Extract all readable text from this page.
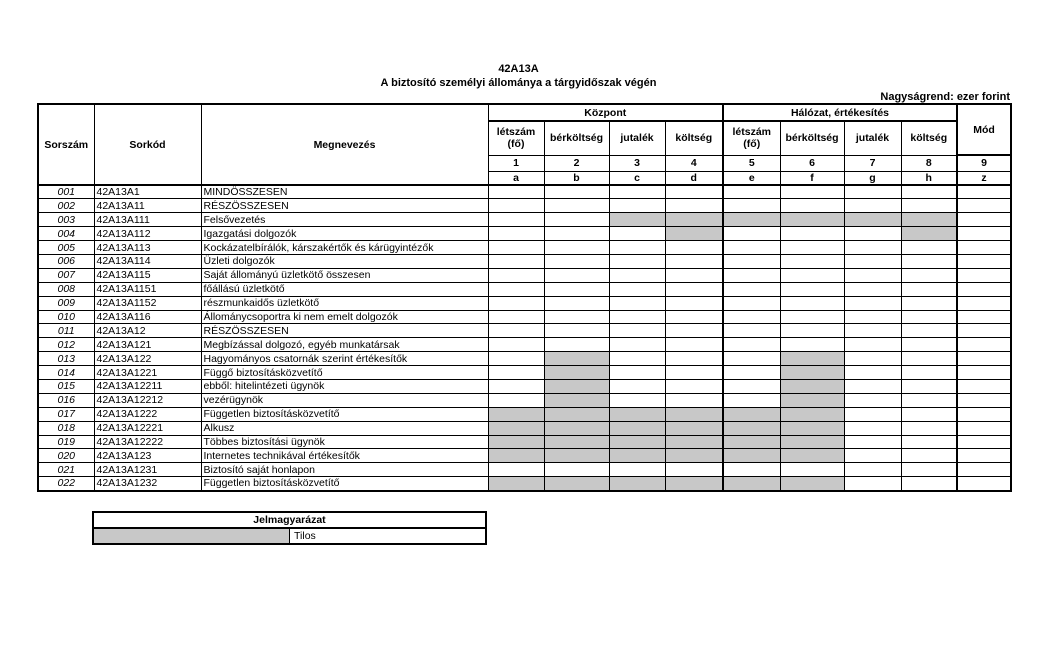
42A13A
A biztosító személyi állománya a tárgyidőszak végén
Nagyságrend: ezer forint
Sorszám	Sorkód	Megnevezés	Központ				Hálózat, értékesítés				Mód
			létszám (fő)	bérköltség	jutalék	költség	létszám (fő)	bérköltség	jutalék	költség	
			1	2	3	4	5	6	7	8	9
			a	b	c	d	e	f	g	h	z
001	42A13A1	MINDÖSSZESEN									
002	42A13A11	RÉSZÖSSZESEN									
003	42A13A111	Felsővezetés									
004	42A13A112	Igazgatási dolgozók									
005	42A13A113	Kockázatelbírálók, kárszakértők és kárügyintézők									
006	42A13A114	Üzleti dolgozók									
007	42A13A115	Saját állományú üzletkötő összesen									
008	42A13A1151	főállású üzletkötő									
009	42A13A1152	részmunkaidős üzletkötő									
010	42A13A116	Állománycsoportra ki nem emelt dolgozók									
011	42A13A12	RÉSZÖSSZESEN									
012	42A13A121	Megbízással dolgozó, egyéb munkatársak									
013	42A13A122	Hagyományos csatornák szerint értékesítők									
014	42A13A1221	Függő biztosításközvetítő									
015	42A13A12211	ebből: hitelintézeti ügynök									
016	42A13A12212	vezérügynök									
017	42A13A1222	Független biztosításközvetítő									
018	42A13A12221	Alkusz									
019	42A13A12222	Többes biztosítási ügynök									
020	42A13A123	Internetes technikával értékesítők									
021	42A13A1231	Biztosító saját honlapon									
022	42A13A1232	Független biztosításközvetítő									
Jelmagyarázat
	Tilos
